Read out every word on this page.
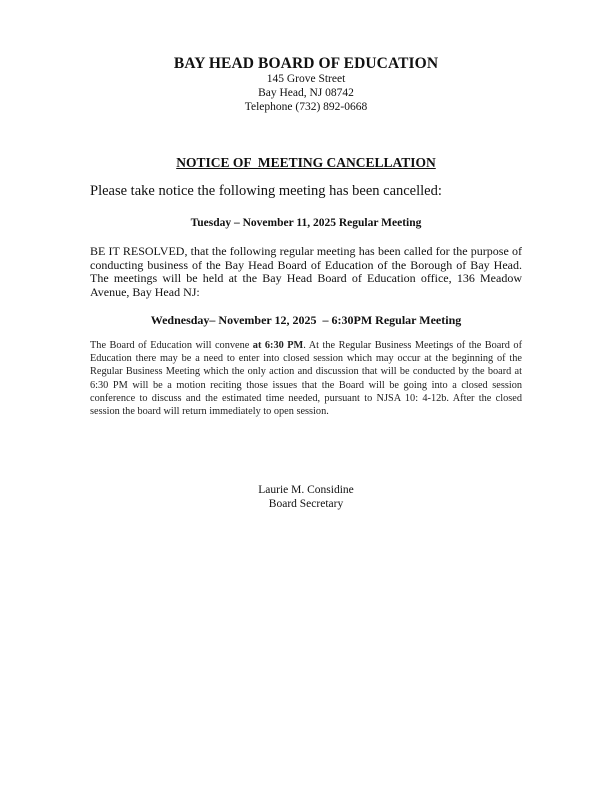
BAY HEAD BOARD OF EDUCATION
145 Grove Street
Bay Head, NJ 08742
Telephone (732) 892-0668
NOTICE OF  MEETING CANCELLATION
Please take notice the following meeting has been cancelled:
Tuesday – November 11, 2025 Regular Meeting
BE IT RESOLVED, that the following regular meeting has been called for the purpose of conducting business of the Bay Head Board of Education of the Borough of Bay Head. The meetings will be held at the Bay Head Board of Education office, 136 Meadow Avenue, Bay Head NJ:
Wednesday– November 12, 2025  – 6:30PM Regular Meeting
The Board of Education will convene at 6:30 PM. At the Regular Business Meetings of the Board of Education there may be a need to enter into closed session which may occur at the beginning of the Regular Business Meeting which the only action and discussion that will be conducted by the board at 6:30 PM will be a motion reciting those issues that the Board will be going into a closed session conference to discuss and the estimated time needed, pursuant to NJSA 10: 4-12b. After the closed session the board will return immediately to open session.
Laurie M. Considine
Board Secretary
